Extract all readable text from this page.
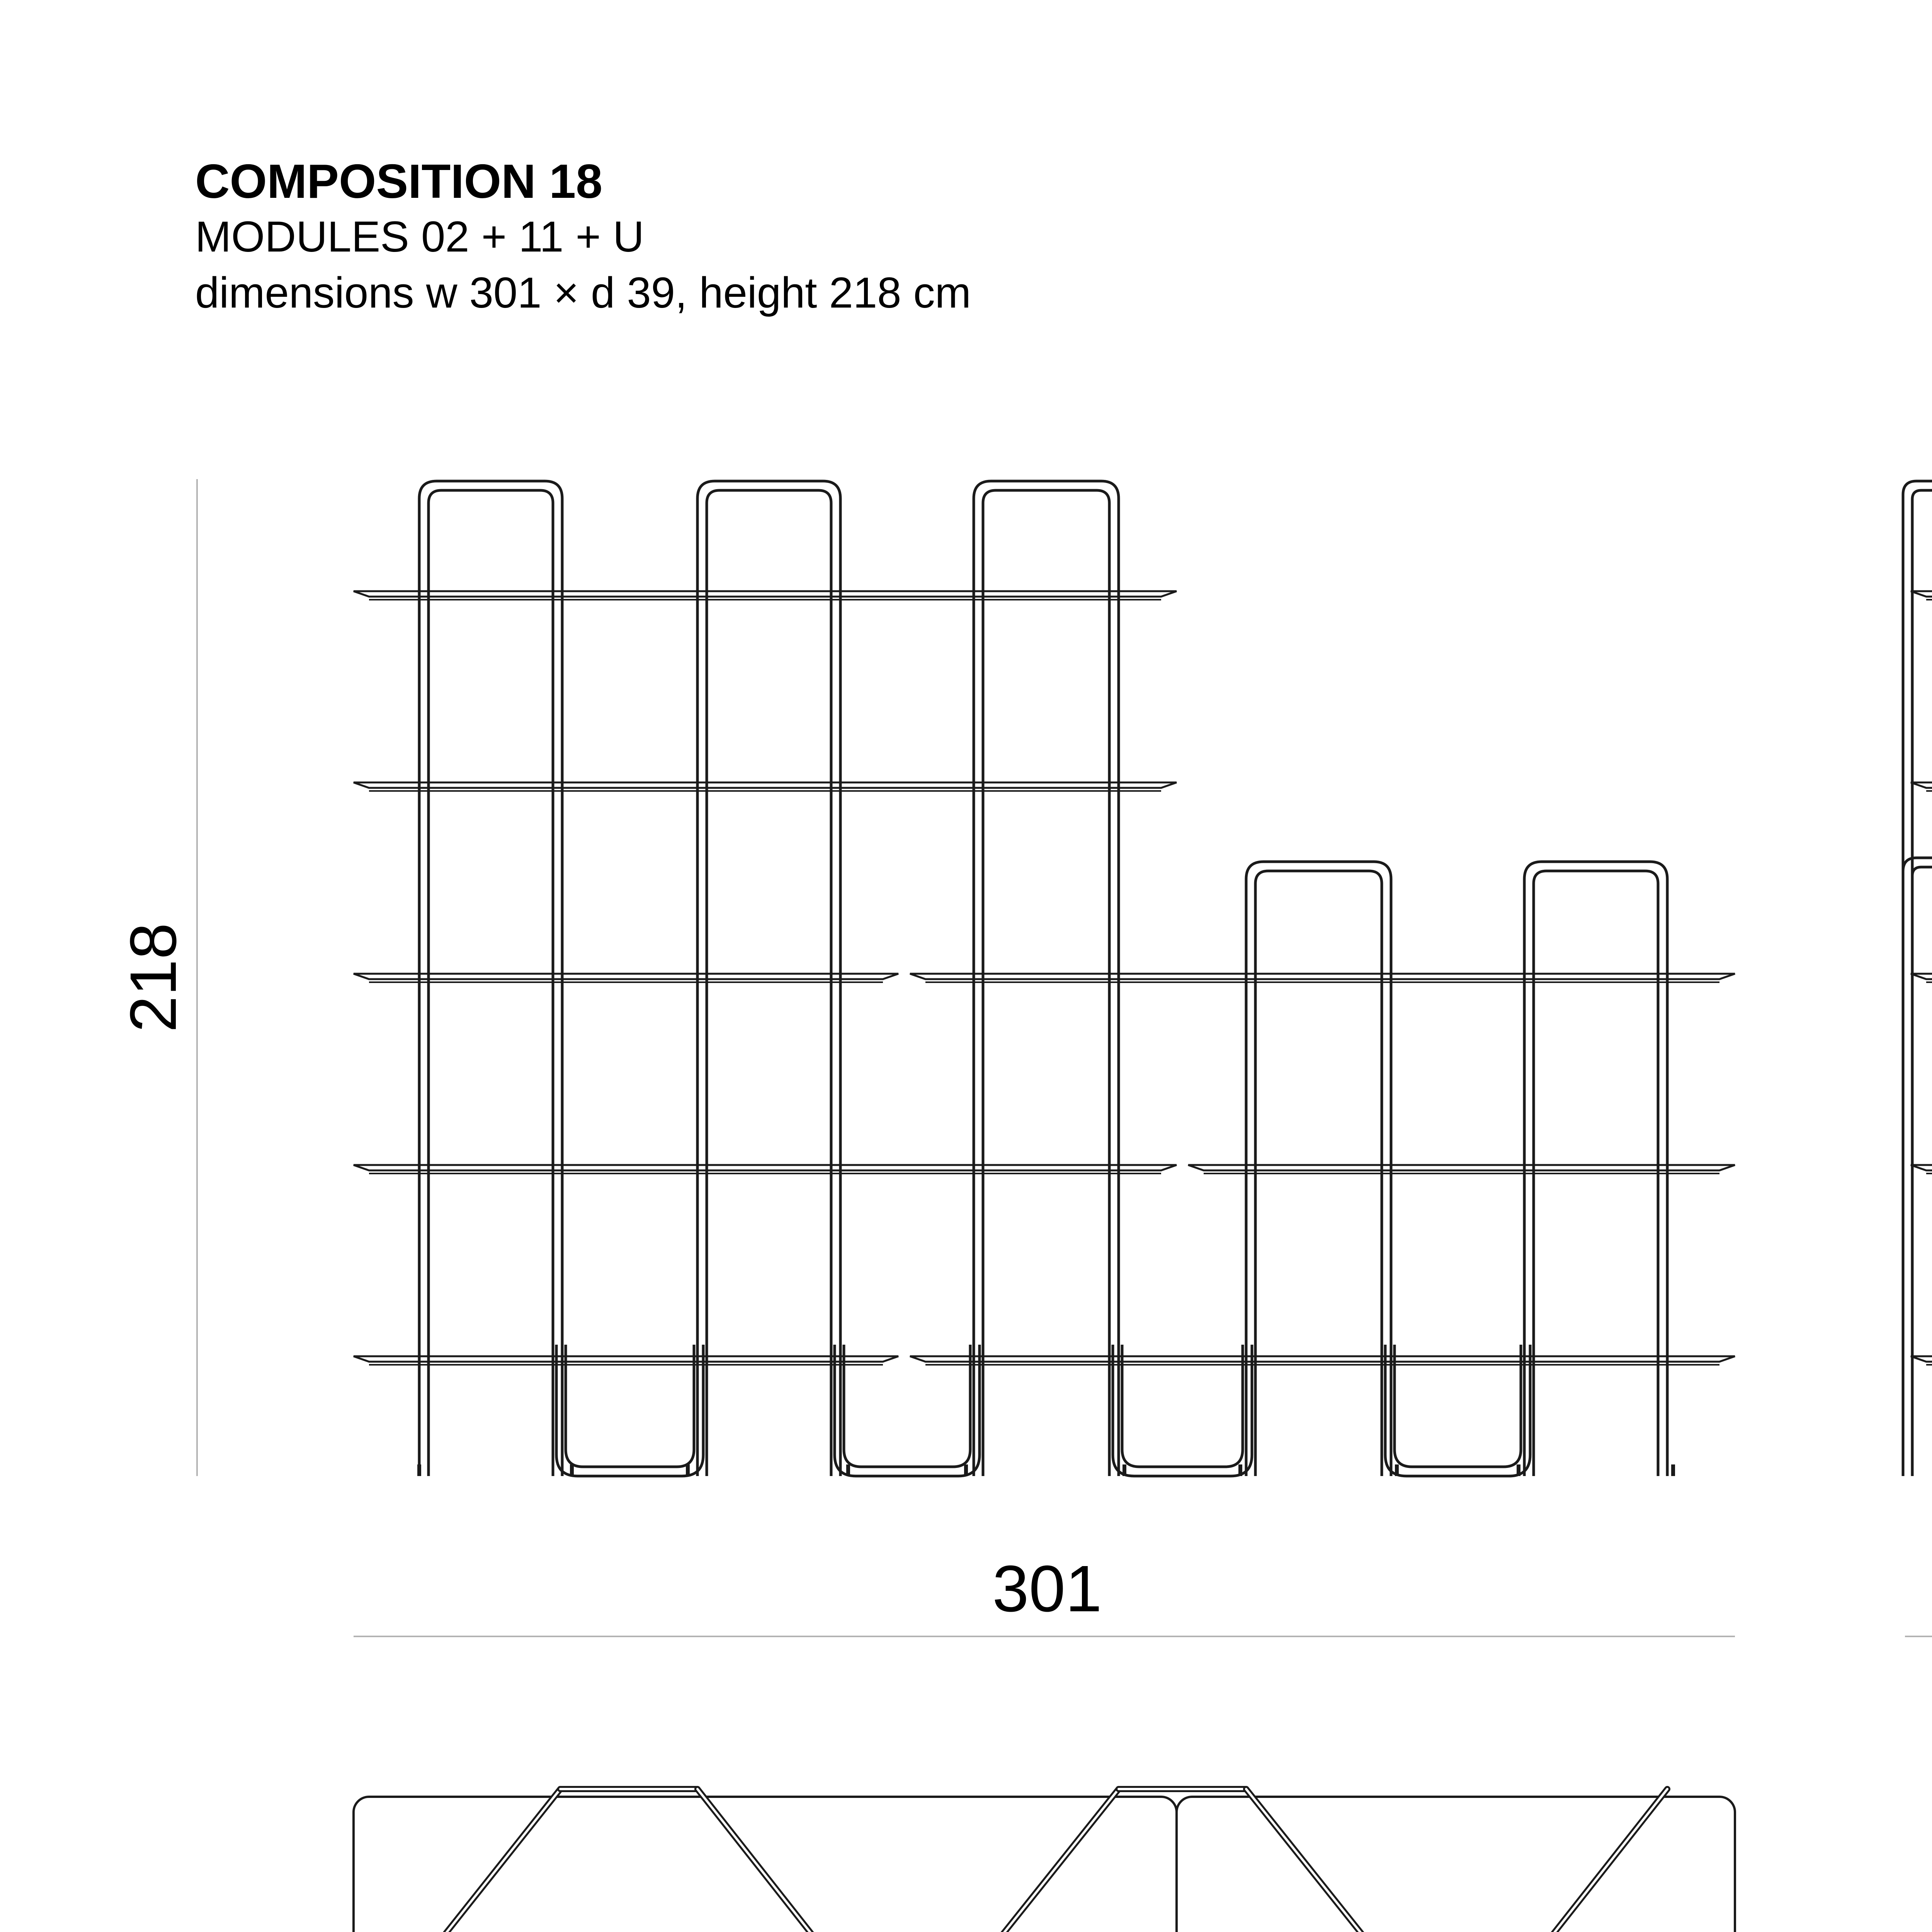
COMPOSITION 18

MODULES 02 + 11 + U

dimensions w 301 × d 39, height 218 cm

218
301
